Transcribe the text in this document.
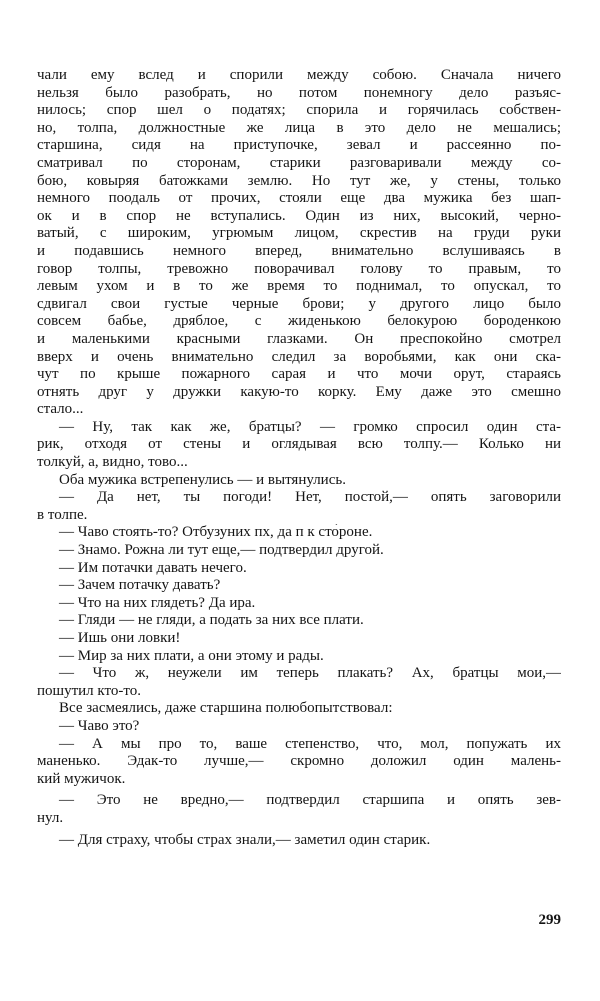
чали ему вслед и спорили между собою. Сначала ничего
нельзя было разобрать, но потом понемногу дело разъяс-
нилось; спор шел о податях; спорила и горячилась собствен-
но, толпа, должностные же лица в это дело не мешались;
старшина, сидя на приступочке, зевал и рассеянно по-
сматривал по сторонам, старики разговаривали между со-
бою, ковыряя батожками землю. Но тут же, у стены, только
немного поодаль от прочих, стояли еще два мужика без шап-
ок и в спор не вступались. Один из них, высокий, черно-
ватый, с широким, угрюмым лицом, скрестив на груди руки
и подавшись немного вперед, внимательно вслушиваясь в
говор толпы, тревожно поворачивал голову то правым, то
левым ухом и в то же время то поднимал, то опускал, то
сдвигал свои густые черные брови; у другого лицо было
совсем бабье, дряблое, с жиденькою белокурою бороденкою
и маленькими красными глазками. Он преспокойно смотрел
вверх и очень внимательно следил за воробьями, как они ска-
чут по крыше пожарного сарая и что мочи орут, стараясь
отнять друг у дружки какую-то корку. Ему даже это смешно
стало...
— Ну, так как же, братцы? — громко спросил один ста-
рик, отходя от стены и оглядывая всю толпу.— Колько ни
толкуй, а, видно, тово...
Оба мужика встрепенулись — и вытянулись.
— Да нет, ты погоди! Нет, постой,— опять заговорили
в толпе.
— Чаво стоять-то? Отбузуних пх, да п к сто́роне.
— Знамо. Рожна ли тут еще,— подтвердил другой.
— Им потачки давать нечего.
— Зачем потачку давать?
— Что на них глядеть? Да ира.
— Гляди — не гляди, а подать за них все плати.
— Ишь они ловки!
— Мир за них плати, а они этому и рады.
— Что ж, неужели им теперь плакать? Ах, братцы мои,—
пошутил кто-то.
Все засмеялись, даже старшина полюбопытствовал:
— Чаво это?
— А мы про то, ваше степенство, что, мол, попужать их
маненько. Эдак-то лучше,— скромно доложил один малень-
кий мужичок.
— Это не вредно,— подтвердил старшипа и опять зев-
нул.
— Для страху, чтобы страх знали,— заметил один старик.
299
